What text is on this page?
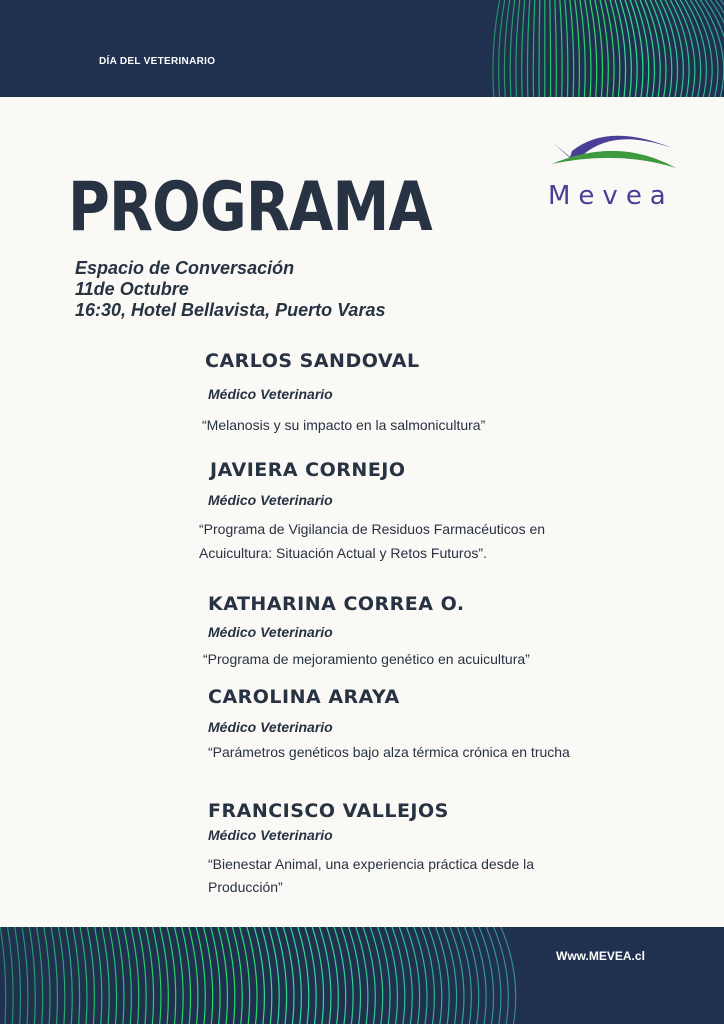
DÍA DEL VETERINARIO
Mevea
PROGRAMA
Espacio de Conversación
11de Octubre
16:30, Hotel Bellavista, Puerto Varas
CARLOS SANDOVAL
Médico Veterinario
“Melanosis y su impacto en la salmonicultura”
JAVIERA CORNEJO
Médico Veterinario
“Programa de Vigilancia de Residuos Farmacéuticos en
Acuicultura: Situación Actual y Retos Futuros”.
KATHARINA CORREA O.
Médico Veterinario
“Programa de mejoramiento genético en acuicultura”
CAROLINA ARAYA
Médico Veterinario
“Parámetros genéticos bajo alza térmica crónica en trucha
FRANCISCO VALLEJOS
Médico Veterinario
“Bienestar Animal, una experiencia práctica desde la
Producción”
Www.MEVEA.cl
